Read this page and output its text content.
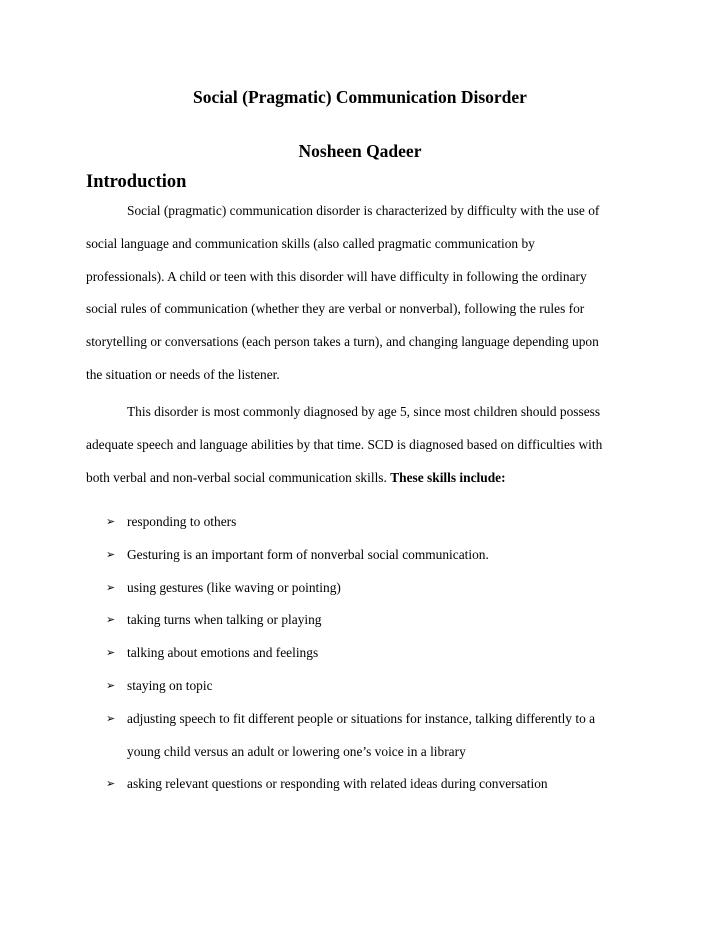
Social (Pragmatic) Communication Disorder
Nosheen Qadeer
Introduction
Social (pragmatic) communication disorder is characterized by difficulty with the use of
social language and communication skills (also called pragmatic communication by
professionals). A child or teen with this disorder will have difficulty in following the ordinary
social rules of communication (whether they are verbal or nonverbal), following the rules for
storytelling or conversations (each person takes a turn), and changing language depending upon
the situation or needs of the listener.
This disorder is most commonly diagnosed by age 5, since most children should possess
adequate speech and language abilities by that time. SCD is diagnosed based on difficulties with
both verbal and non-verbal social communication skills. These skills include:
➢ responding to others
➢ Gesturing is an important form of nonverbal social communication.
➢ using gestures (like waving or pointing)
➢ taking turns when talking or playing
➢ talking about emotions and feelings
➢ staying on topic
➢ adjusting speech to fit different people or situations for instance, talking differently to a
young child versus an adult or lowering one’s voice in a library
➢ asking relevant questions or responding with related ideas during conversation
